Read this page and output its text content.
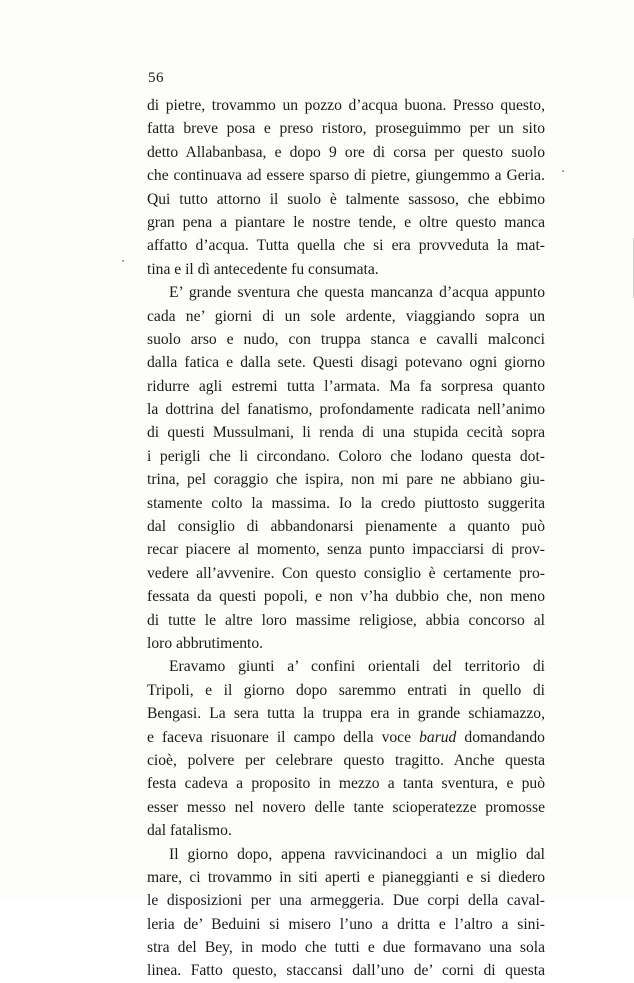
56
di pietre, trovammo un pozzo d’acqua buona. Presso questo,
fatta breve posa e preso ristoro, proseguimmo per un sito
detto Allabanbasa, e dopo 9 ore di corsa per questo suolo
che continuava ad essere sparso di pietre, giungemmo a Geria.
Qui tutto attorno il suolo è talmente sassoso, che ebbimo
gran pena a piantare le nostre tende, e oltre questo manca
affatto d’acqua. Tutta quella che si era provveduta la mat-
tina e il dì antecedente fu consumata.
E’ grande sventura che questa mancanza d’acqua appunto
cada ne’ giorni di un sole ardente, viaggiando sopra un
suolo arso e nudo, con truppa stanca e cavalli malconci
dalla fatica e dalla sete. Questi disagi potevano ogni giorno
ridurre agli estremi tutta l’armata. Ma fa sorpresa quanto
la dottrina del fanatismo, profondamente radicata nell’animo
di questi Mussulmani, li renda di una stupida cecità sopra
i perigli che li circondano. Coloro che lodano questa dot-
trina, pel coraggio che ispira, non mi pare ne abbiano giu-
stamente colto la massima. Io la credo piuttosto suggerita
dal consiglio di abbandonarsi pienamente a quanto può
recar piacere al momento, senza punto impacciarsi di prov-
vedere all’avvenire. Con questo consiglio è certamente pro-
fessata da questi popoli, e non v’ha dubbio che, non meno
di tutte le altre loro massime religiose, abbia concorso al
loro abbrutimento.
Eravamo giunti a’ confini orientali del territorio di
Tripoli, e il giorno dopo saremmo entrati in quello di
Bengasi. La sera tutta la truppa era in grande schiamazzo,
e faceva risuonare il campo della voce barud domandando
cioè, polvere per celebrare questo tragitto. Anche questa
festa cadeva a proposito in mezzo a tanta sventura, e può
esser messo nel novero delle tante scioperatezze promosse
dal fatalismo.
Il giorno dopo, appena ravvicinandoci a un miglio dal
mare, ci trovammo in siti aperti e pianeggianti e si diedero
le disposizioni per una armeggeria. Due corpi della caval-
leria de’ Beduini si misero l’uno a dritta e l’altro a sini-
stra del Bey, in modo che tutti e due formavano una sola
linea. Fatto questo, staccansi dall’uno de’ corni di questa
